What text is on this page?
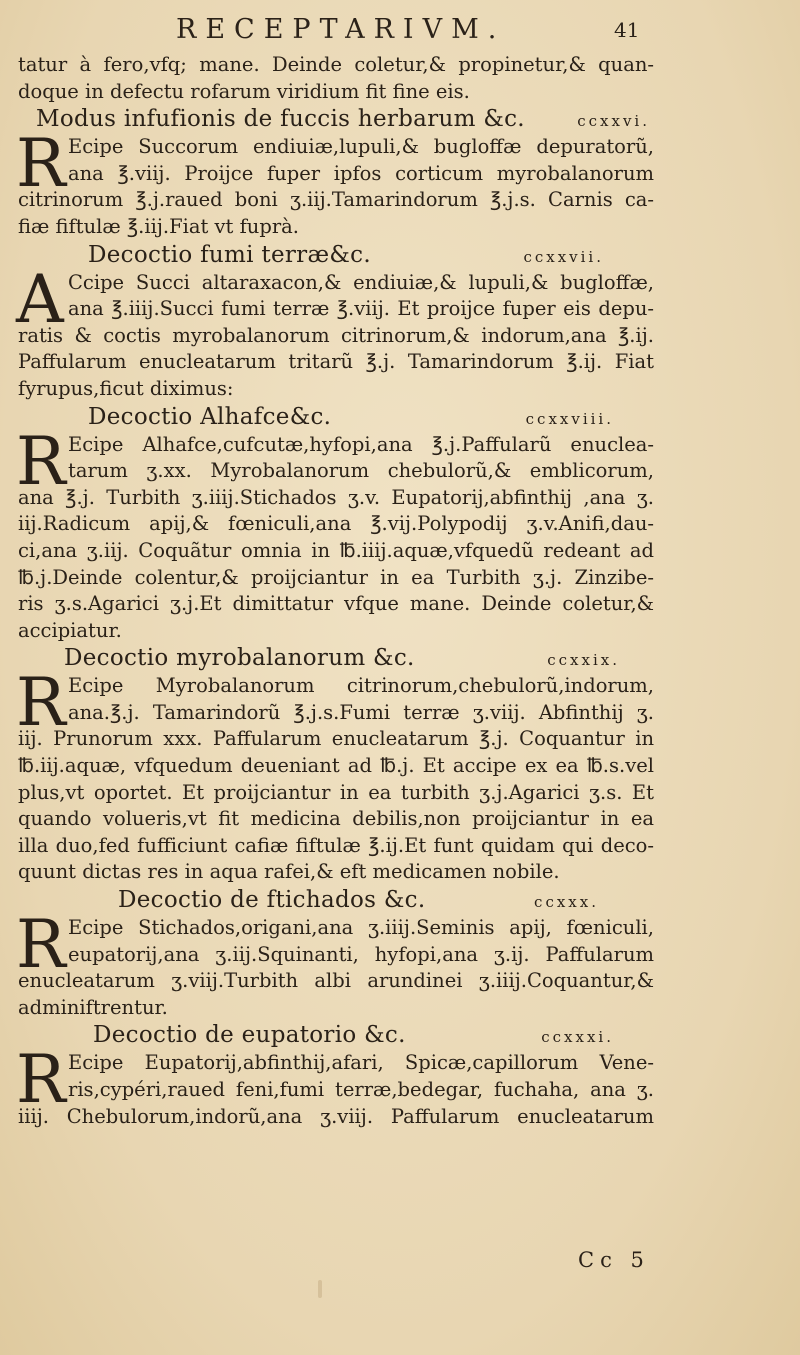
RECEPTARIVM.	41
tatur à fero,vfq; mane. Deinde coletur,& propinetur,& quan-
doque in defectu rofarum viridium fit fine eis.
Modus infufionis de fuccis herbarum &c.	ccxxvi.
R Ecipe Succorum endiuiæ,lupuli,& bugloffæ depuratorũ,
ana ℥.viij. Proijce fuper ipfos corticum myrobalanorum
citrinorum ℥.j.raued boni ʒ.iij.Tamarindorum ℥.j.s. Carnis ca-
fiæ fiftulæ ℥.iij.Fiat vt fuprà.
Decoctio fumi terræ&c.	ccxxvii.
A Ccipe Succi altaraxacon,& endiuiæ,& lupuli,& bugloffæ,
ana ℥.iiij.Succi fumi terræ ℥.viij. Et proijce fuper eis depu-
ratis & coctis myrobalanorum citrinorum,& indorum,ana ℥.ij.
Paffularum enucleatarum tritarũ ℥.j. Tamarindorum ℥.ij. Fiat
fyrupus,ficut diximus:
Decoctio Alhafce&c.	ccxxviii.
R Ecipe Alhafce,cufcutæ,hyfopi,ana ℥.j.Paffularũ enuclea-
tarum ʒ.xx. Myrobalanorum chebulorũ,& emblicorum,
ana ℥.j. Turbith ʒ.iiij.Stichados ʒ.v. Eupatorij,abfinthij ,ana ʒ.
iij.Radicum apij,& fœniculi,ana ℥.vij.Polypodij ʒ.v.Anifi,dau-
ci,ana ʒ.iij. Coquãtur omnia in ℔.iiij.aquæ,vfquedũ redeant ad
℔.j.Deinde colentur,& proijciantur in ea Turbith ʒ.j. Zinzibe-
ris ʒ.s.Agarici ʒ.j.Et dimittatur vfque mane. Deinde coletur,&
accipiatur.
Decoctio myrobalanorum &c.	ccxxix.
R Ecipe Myrobalanorum citrinorum,chebulorũ,indorum,
ana.℥.j. Tamarindorũ ℥.j.s.Fumi terræ ʒ.viij. Abfinthij ʒ.
iij. Prunorum xxx. Paffularum enucleatarum ℥.j. Coquantur in
℔.iij.aquæ, vfquedum deueniant ad ℔.j. Et accipe ex ea ℔.s.vel
plus,vt oportet. Et proijciantur in ea turbith ʒ.j.Agarici ʒ.s. Et
quando volueris,vt fit medicina debilis,non proijciantur in ea
illa duo,fed fufficiunt cafiæ fiftulæ ℥.ij.Et funt quidam qui deco-
quunt dictas res in aqua rafei,& eft medicamen nobile.
Decoctio de ftichados &c.	ccxxx.
R Ecipe Stichados,origani,ana ʒ.iiij.Seminis apij, fœniculi,
eupatorij,ana ʒ.iij.Squinanti, hyfopi,ana ʒ.ij. Paffularum
enucleatarum ʒ.viij.Turbith albi arundinei ʒ.iiij.Coquantur,&
adminiftrentur.
Decoctio de eupatorio &c.	ccxxxi.
R Ecipe Eupatorij,abfinthij,afari, Spicæ,capillorum Vene-
ris,cypéri,raued feni,fumi terræ,bedegar, fuchaha, ana ʒ.
iiij. Chebulorum,indorũ,ana ʒ.viij. Paffularum enucleatarum
Cc 5
